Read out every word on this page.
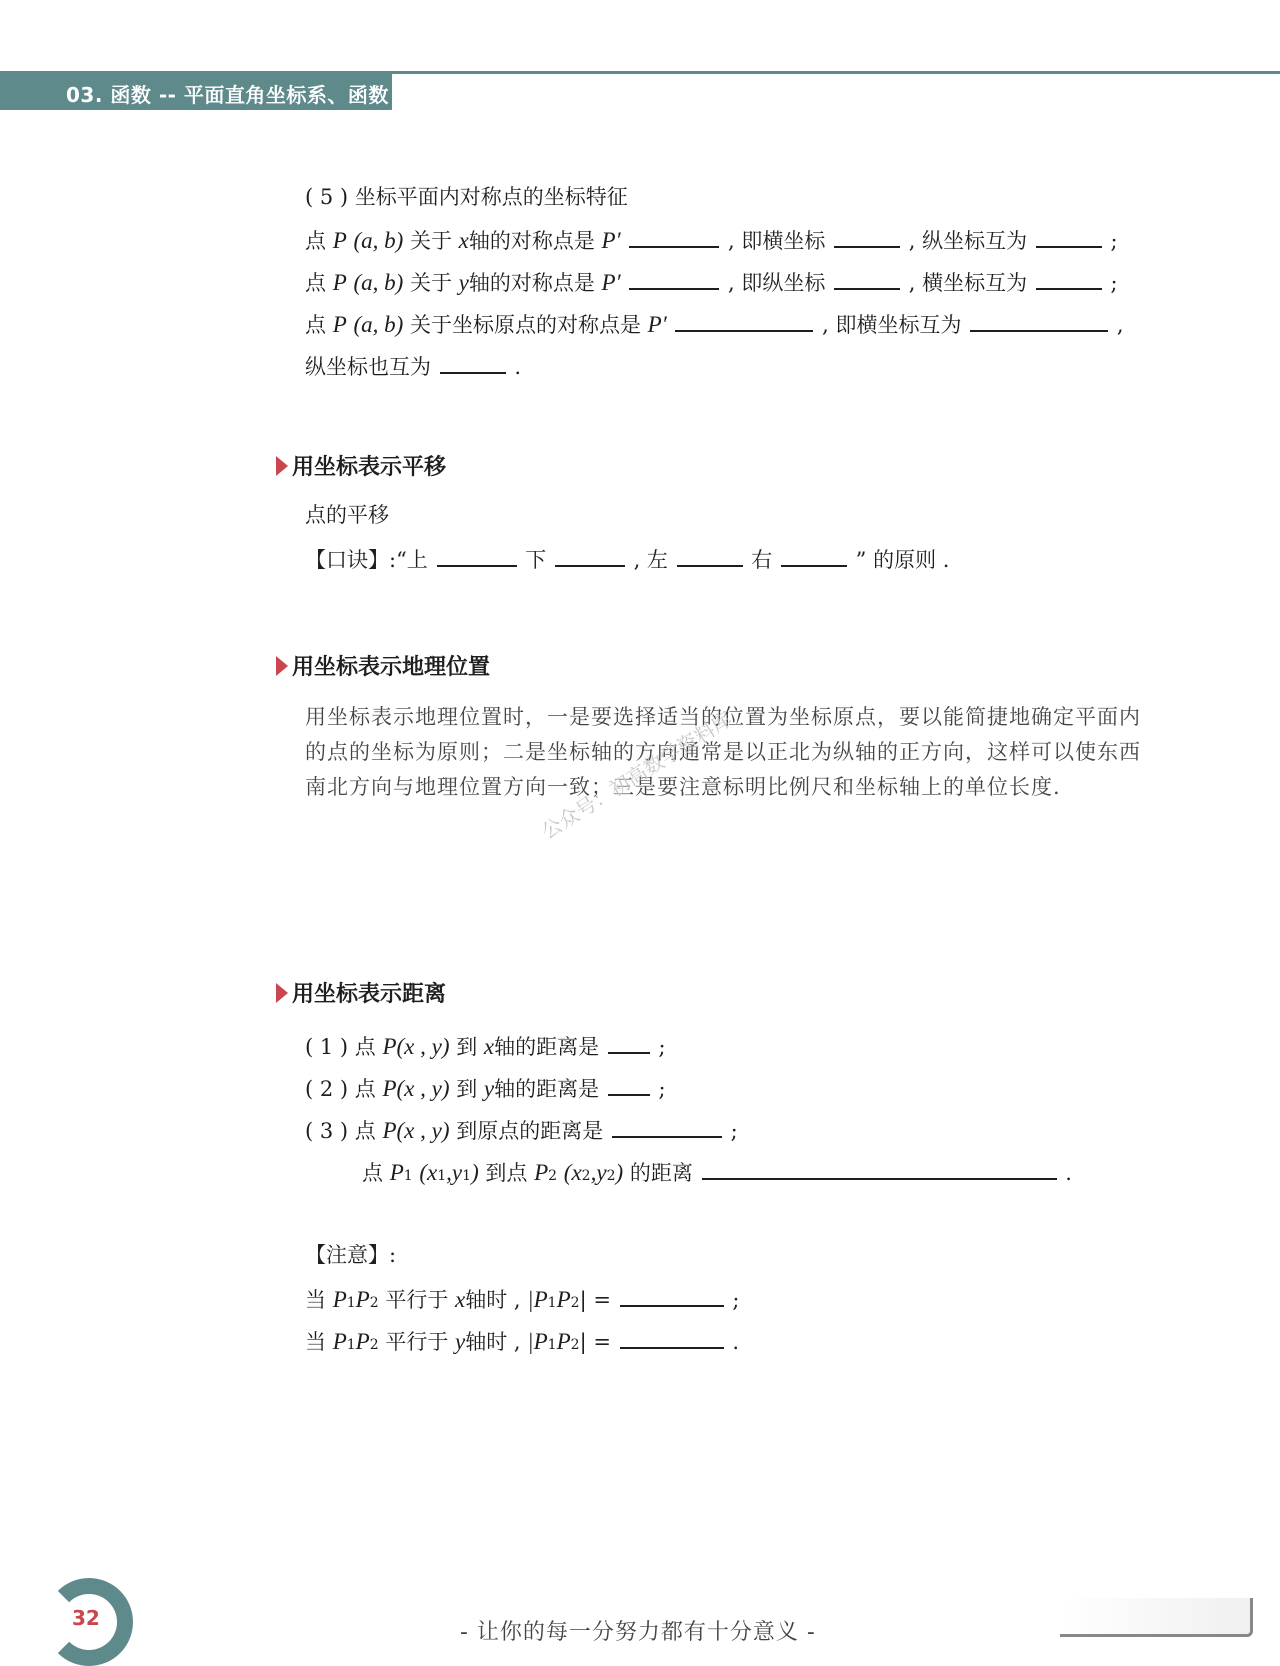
03. 函数 -- 平面直角坐标系、函数
( 5 ) 坐标平面内对称点的坐标特征
点 P (a, b) 关于 x轴的对称点是 P′	, 即横坐标	, 纵坐标互为	;
点 P (a, b) 关于 y轴的对称点是 P′	, 即纵坐标	, 横坐标互为	;
点 P (a, b) 关于坐标原点的对称点是 P′	, 即横坐标互为	,
纵坐标也互为	.
用坐标表示平移
点的平移
【口诀】:“上	下	, 左	右	” 的原则 .
用坐标表示地理位置
用坐标表示地理位置时，一是要选择适当的位置为坐标原点，要以能简捷地确定平面内的点的坐标为原则；二是坐标轴的方向通常是以正北为纵轴的正方向，这样可以使东西南北方向与地理位置方向一致；三是要注意标明比例尺和坐标轴上的单位长度.
公众号：初高数学资料库
用坐标表示距离
( 1 ) 点 P(x , y) 到 x轴的距离是	;
( 2 ) 点 P(x , y) 到 y轴的距离是	;
( 3 ) 点 P(x , y) 到原点的距离是	;
点 P1 (x1,y1) 到点 P2 (x2,y2) 的距离	.
【注意】:
当 P1P2 平行于 x轴时 , |P1P2| =	;
当 P1P2 平行于 y轴时 , |P1P2| =	.
32
- 让你的每一分努力都有十分意义 -
